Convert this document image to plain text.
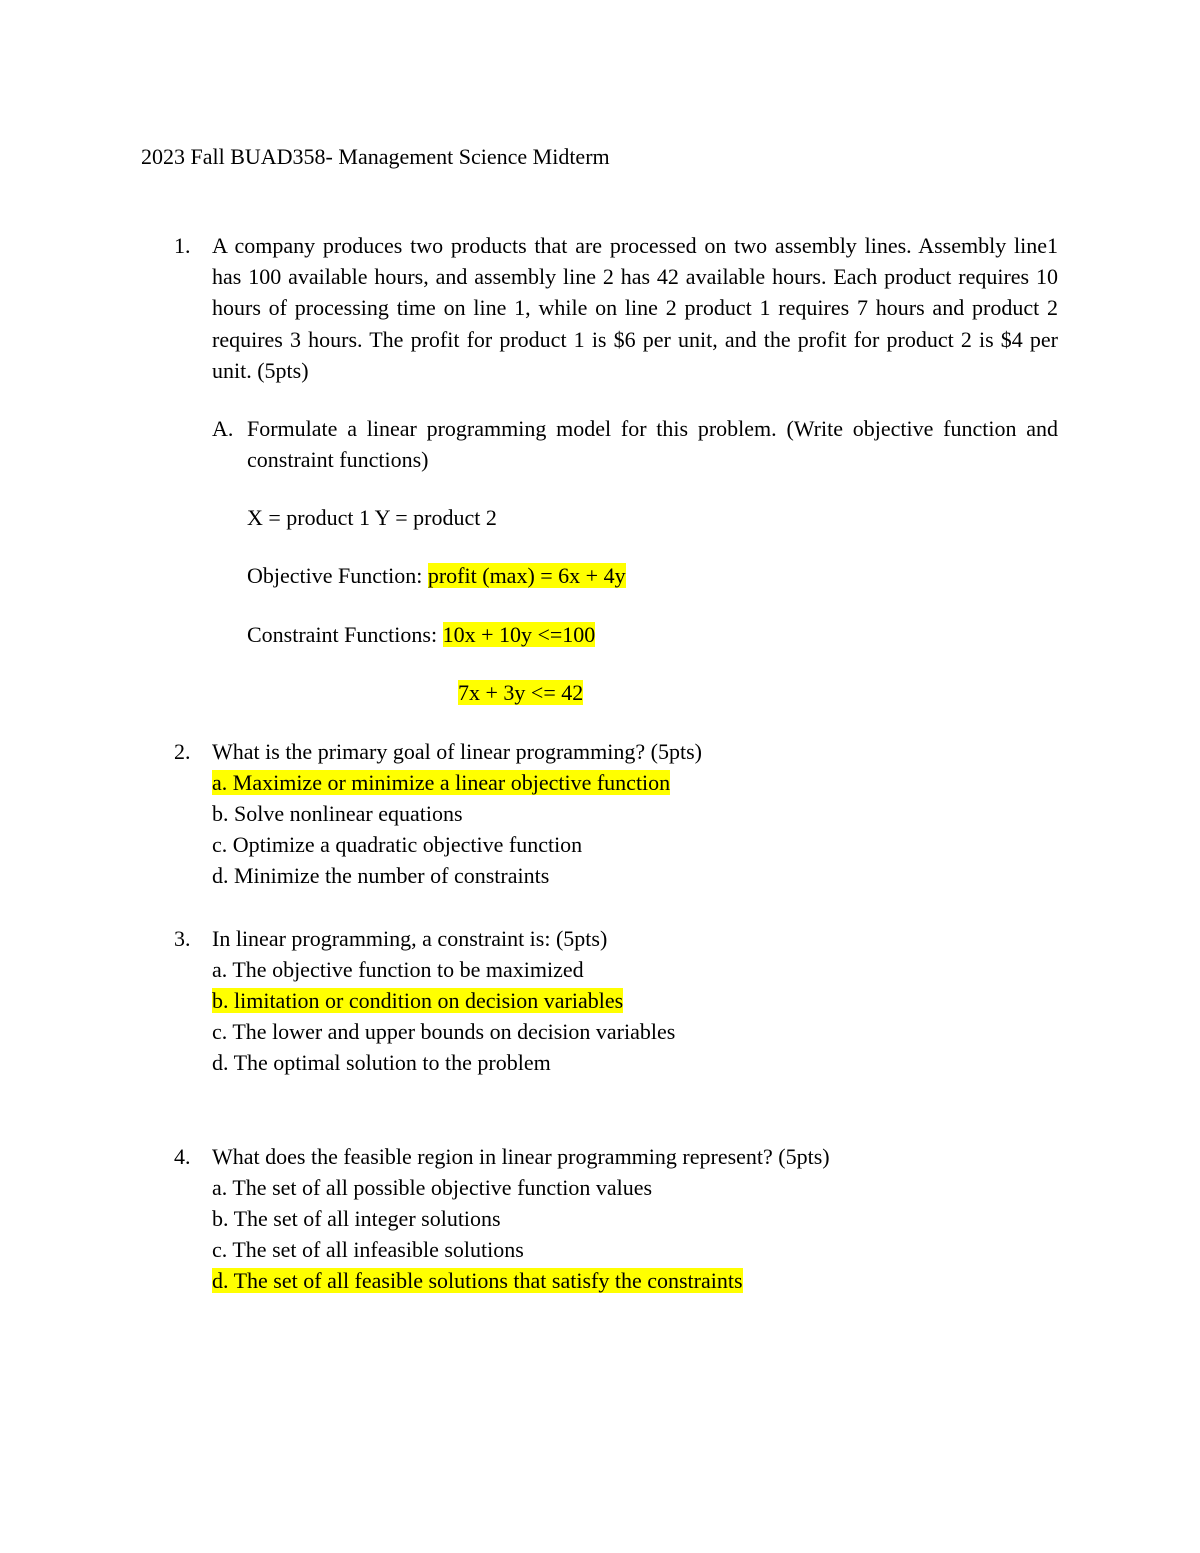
2023 Fall BUAD358- Management Science Midterm
1. A company produces two products that are processed on two assembly lines. Assembly line1 has 100 available hours, and assembly line 2 has 42 available hours. Each product requires 10 hours of processing time on line 1, while on line 2 product 1 requires 7 hours and product 2 requires 3 hours. The profit for product 1 is $6 per unit, and the profit for product 2 is $4 per unit. (5pts)
A. Formulate a linear programming model for this problem. (Write objective function and constraint functions)
X = product 1 Y = product 2
Objective Function: profit (max) = 6x + 4y
Constraint Functions: 10x + 10y <=100
7x + 3y <= 42
2. What is the primary goal of linear programming? (5pts)
a. Maximize or minimize a linear objective function
b. Solve nonlinear equations
c. Optimize a quadratic objective function
d. Minimize the number of constraints
3. In linear programming, a constraint is: (5pts)
a. The objective function to be maximized
b. limitation or condition on decision variables
c. The lower and upper bounds on decision variables
d. The optimal solution to the problem
4. What does the feasible region in linear programming represent? (5pts)
a. The set of all possible objective function values
b. The set of all integer solutions
c. The set of all infeasible solutions
d. The set of all feasible solutions that satisfy the constraints
